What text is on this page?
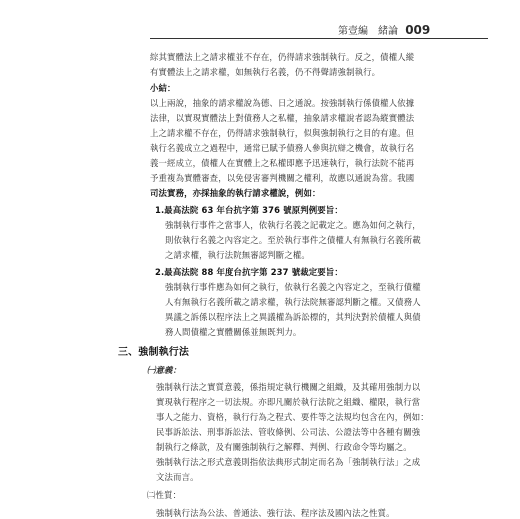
第壹編　緒論 009
綜其實體法上之請求權並不存在，仍得請求強制執行。反之，債權人縱
有實體法上之請求權，如無執行名義，仍不得聲請強制執行。
小結：
以上兩說，抽象的請求權說為德、日之通說。按強制執行係債權人依據
法律，以實現實體法上對債務人之私權，抽象請求權說者認為縱實體法
上之請求權不存在，仍得請求強制執行，似與強制執行之目的有違。但
執行名義成立之過程中，通常已賦予債務人參與抗辯之機會，故執行名
義一經成立，債權人在實體上之私權即應予迅速執行，執行法院不能再
予重複為實體審查，以免侵害審判機關之權利，故應以通說為當。我國
司法實務，亦採抽象的執行請求權說，例如：
1.最高法院 63 年台抗字第 376 號原判例要旨：
強制執行事件之當事人，依執行名義之記載定之。應為如何之執行，
則依執行名義之內容定之。至於執行事件之債權人有無執行名義所載
之請求權，執行法院無審認判斷之權。
2.最高法院 88 年度台抗字第 237 號裁定要旨：
強制執行事件應為如何之執行，依執行名義之內容定之，至執行債權
人有無執行名義所載之請求權，執行法院無審認判斷之權。又債務人
異議之訴係以程序法上之異議權為訴訟標的，其判決對於債權人與債
務人間債權之實體關係並無既判力。
三、強制執行法
㈠意義：
強制執行法之實質意義，係指規定執行機關之組織，及其確用強制力以
實現執行程序之一切法規。亦即凡關於執行法院之組織、權限，執行當
事人之能力、資格，執行行為之程式、要件等之法規均包含在內，例如：
民事訴訟法、刑事訴訟法、管收條例、公司法、公證法等中各種有關強
制執行之條款，及有關強制執行之解釋、判例、行政命令等均屬之。
強制執行法之形式意義則指依法典形式制定而名為「強制執行法」之成
文法而言。
㈡性質：
強制執行法為公法、普通法、強行法、程序法及國內法之性質。
